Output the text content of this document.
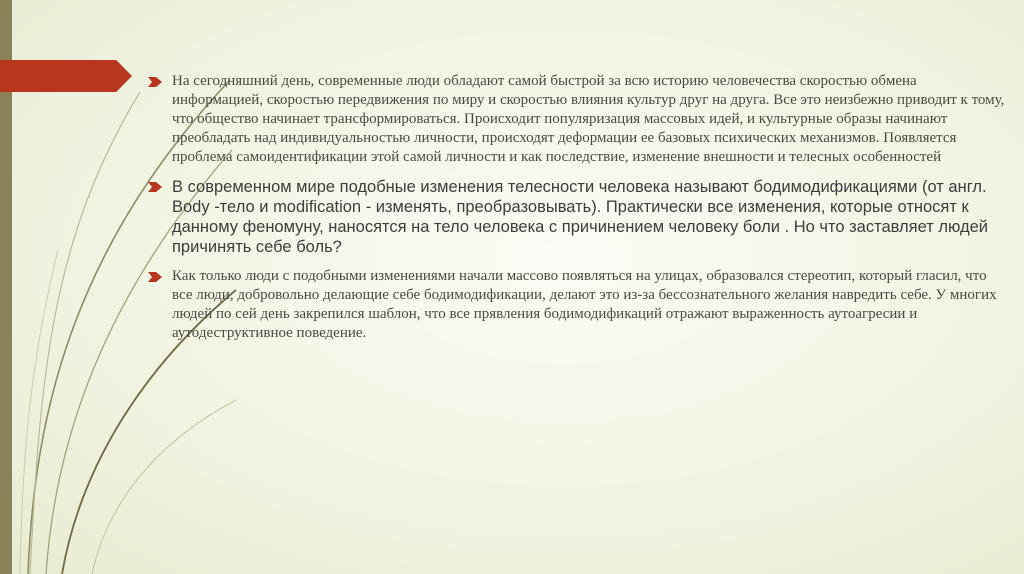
На сегодняшний день, современные люди обладают самой быстрой за всю историю человечества скоростью обмена информацией, скоростью передвижения по миру и скоростью влияния культур друг на друга. Все это неизбежно приводит к тому, что общество начинает трансформироваться. Происходит популяризация массовых идей, и культурные образы начинают преобладать над индивидуальностью личности, происходят деформации ее базовых психических механизмов. Появляется проблема самоидентификации этой самой личности и как последствие, изменение внешности и телесных особенностей
В современном мире подобные изменения телесности человека называют бодимодификациями (от англ. Body -тело и modification - изменять, преобразовывать). Практически все изменения, которые относят к данному феномуну, наносятся на тело человека с причинением человеку боли . Но что заставляет людей причинять себе боль?
Как только люди с подобными изменениями начали массово появляться на улицах, образовался стереотип, который гласил, что все люди, добровольно делающие себе бодимодификации, делают это из-за бессознательного желания навредить себе. У многих людей по сей день закрепился шаблон, что все прявления бодимодификаций отражают выраженность аутоагресии и аутодеструктивное поведение.
